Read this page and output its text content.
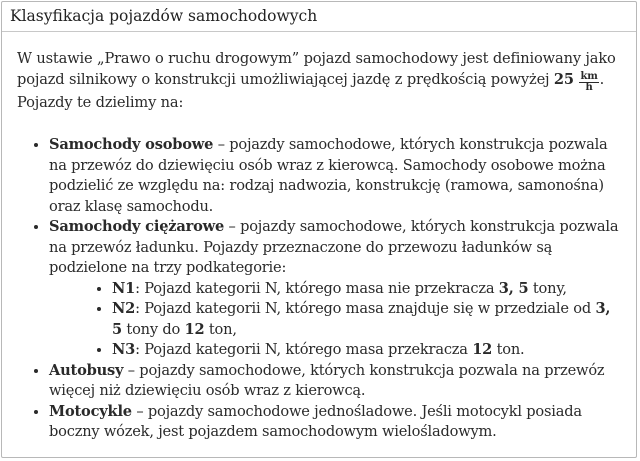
Klasyfikacja pojazdów samochodowych

W ustawie „Prawo o ruchu drogowym” pojazd samochodowy jest definiowany jako pojazd silnikowy o konstrukcji umożliwiającej jazdę z prędkością powyżej $25 \frac{km}{h}$ . Pojazdy te dzielimy na:

• Samochody osobowe – pojazdy samochodowe, których konstrukcja pozwala na przewóz do dziewięciu osób wraz z kierowcą. Samochody osobowe można podzielić ze względu na: rodzaj nadwozia, konstrukcję (ramowa, samonośna) oraz klasę samochodu.
• Samochody ciężarowe – pojazdy samochodowe, których konstrukcja pozwala na przewóz ładunku. Pojazdy przeznaczone do przewozu ładunków są podzielone na trzy podkategorie:
• N1: Pojazd kategorii N, którego masa nie przekracza 3, 5 tony,
• N2: Pojazd kategorii N, którego masa znajduje się w przedziale od 3, 5 tony do 12 ton,
• N3: Pojazd kategorii N, którego masa przekracza 12 ton.
• Autobusy – pojazdy samochodowe, których konstrukcja pozwala na przewóz więcej niż dziewięciu osób wraz z kierowcą.
• Motocykle – pojazdy samochodowe jednośladowe. Jeśli motocykl posiada boczny wózek, jest pojazdem samochodowym wielośladowym.
